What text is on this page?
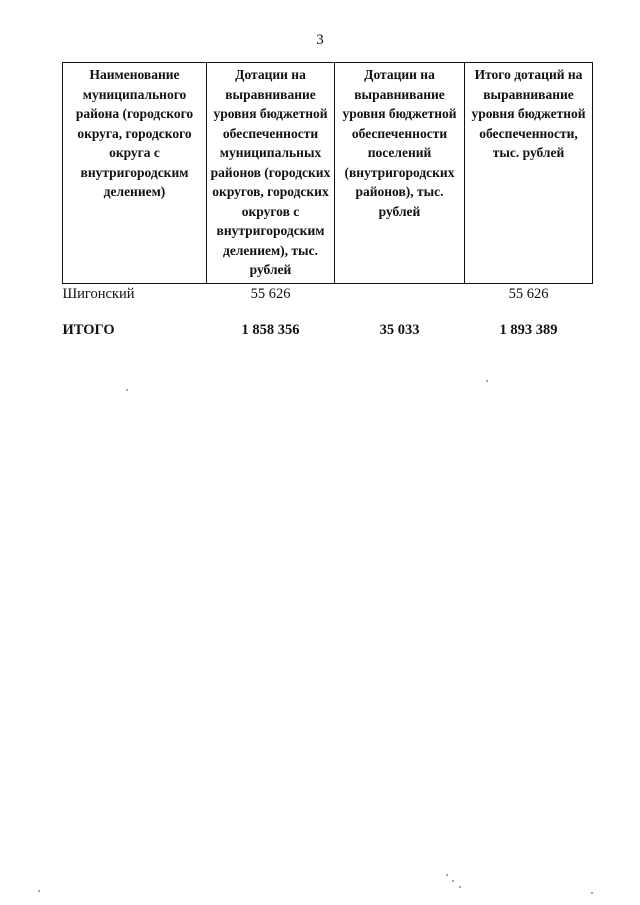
3
Наименование муниципального района (городского округа, городского округа с внутригородским делением)	Дотации на выравнивание уровня бюджетной обеспеченности муниципальных районов (городских округов, городских округов с внутригородским делением), тыс. рублей	Дотации на выравнивание уровня бюджетной обеспеченности поселений (внутригородских районов), тыс. рублей	Итого дотаций на выравнивание уровня бюджетной обеспеченности, тыс. рублей
Шигонский	55 626		55 626

ИТОГО	1 858 356	35 033	1 893 389
